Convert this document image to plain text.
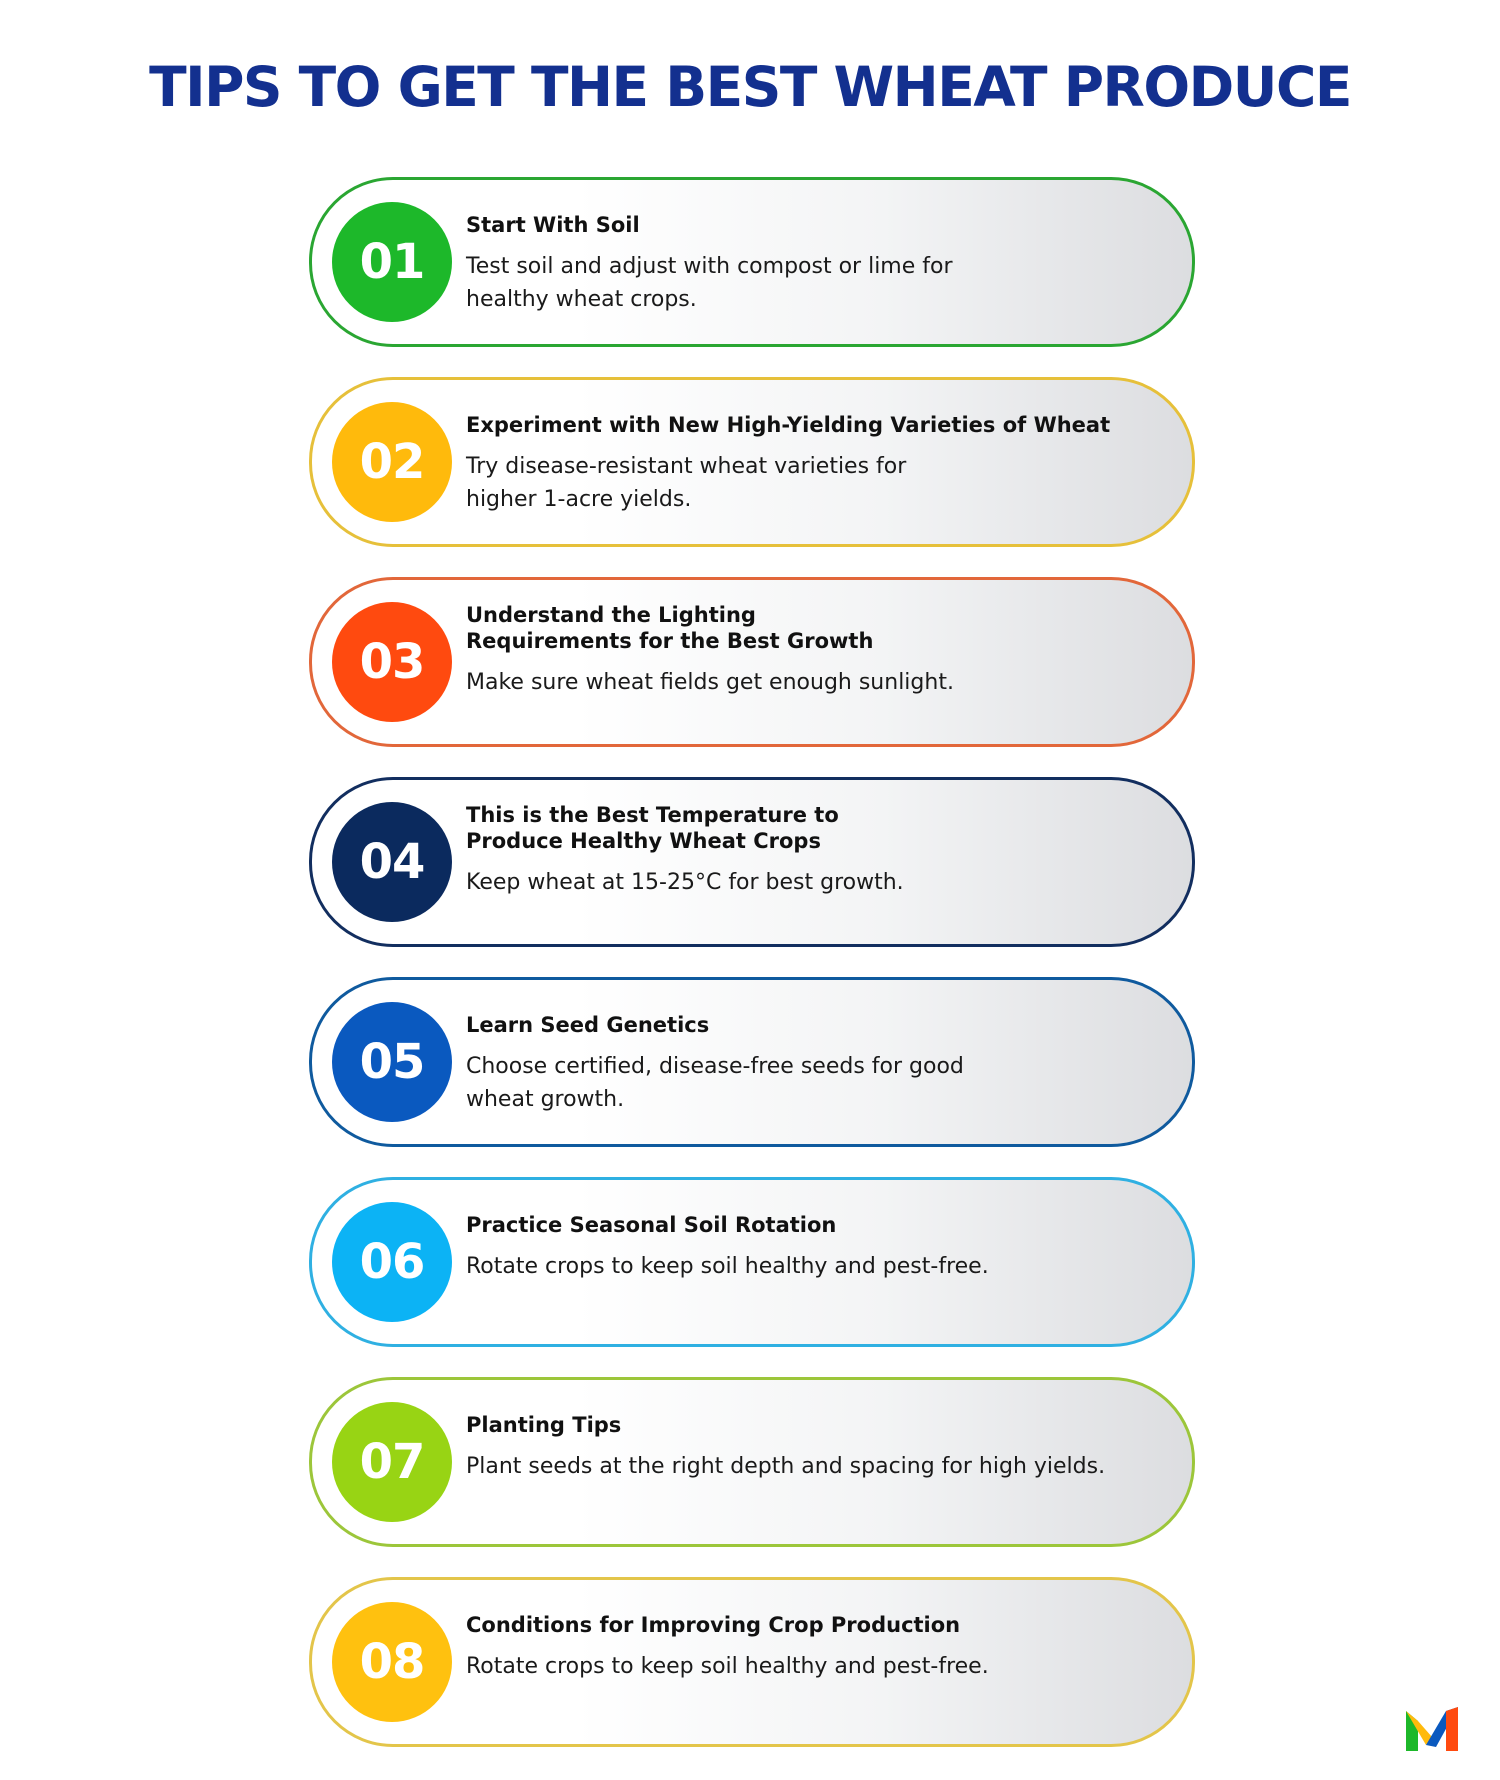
TIPS TO GET THE BEST WHEAT PRODUCE
01

Start With Soil

Test soil and adjust with compost or lime for healthy wheat crops.

02

Experiment with New High-Yielding Varieties of Wheat

Try disease-resistant wheat varieties for higher 1-acre yields.

03

Understand the Lighting Requirements for the Best Growth

Make sure wheat fields get enough sunlight.

04

This is the Best Temperature to Produce Healthy Wheat Crops

Keep wheat at 15-25°C for best growth.

05

Learn Seed Genetics

Choose certified, disease-free seeds for good wheat growth.

06

Practice Seasonal Soil Rotation

Rotate crops to keep soil healthy and pest-free.

07

Planting Tips

Plant seeds at the right depth and spacing for high yields.

08

Conditions for Improving Crop Production

Rotate crops to keep soil healthy and pest-free.
